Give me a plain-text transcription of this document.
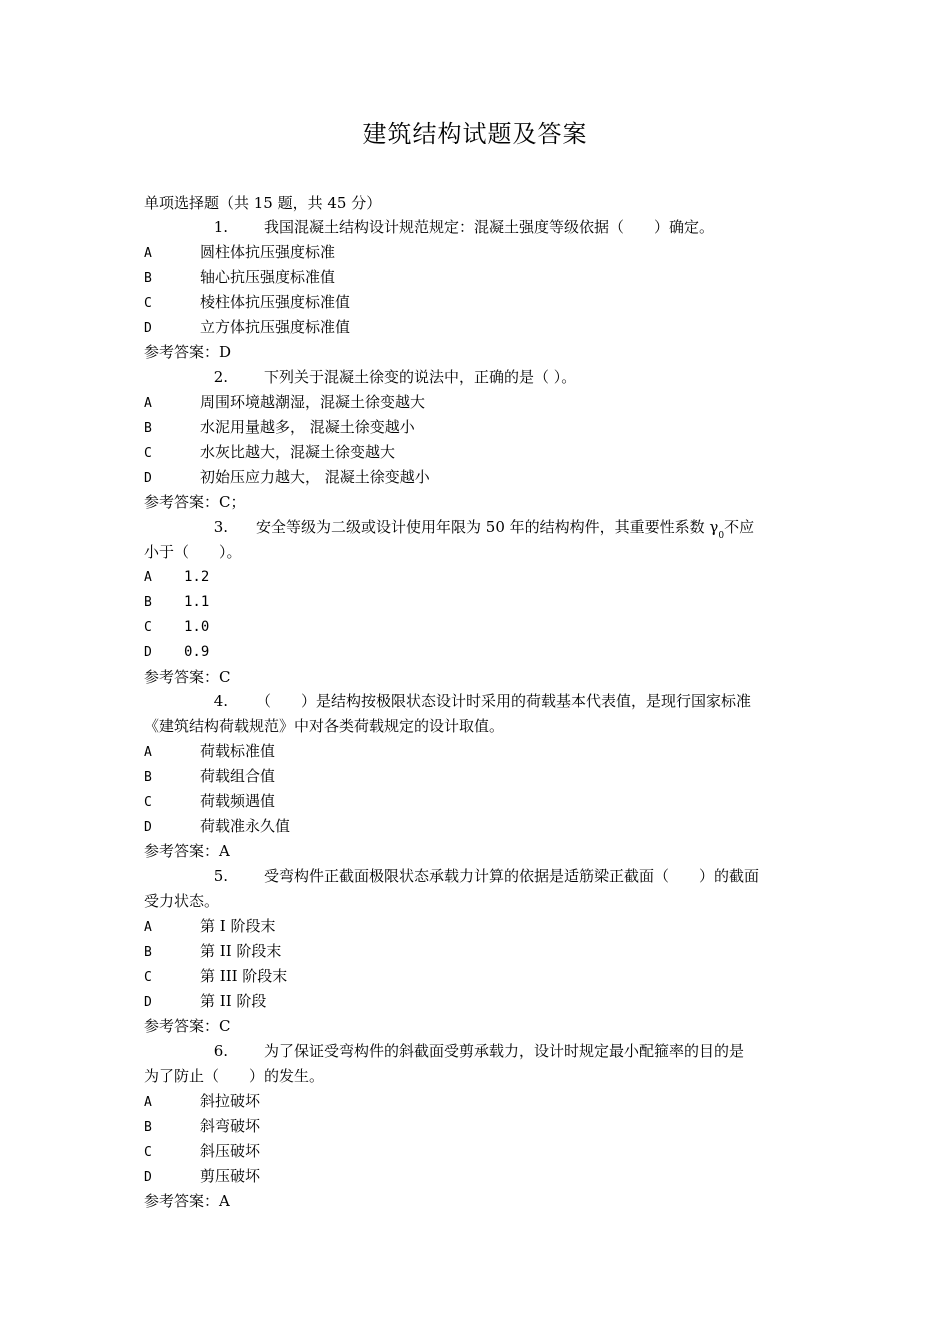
建筑结构试题及答案
单项选择题（共 15 题，共 45 分）
1. 我国混凝土结构设计规范规定：混凝土强度等级依据（　　）确定。
A	圆柱体抗压强度标准
B	轴心抗压强度标准值
C	棱柱体抗压强度标准值
D	立方体抗压强度标准值
参考答案：D
2. 下列关于混凝土徐变的说法中，正确的是（ ）。
A	周围环境越潮湿，混凝土徐变越大
B	水泥用量越多， 混凝土徐变越小
C	水灰比越大，混凝土徐变越大
D	初始压应力越大， 混凝土徐变越小
参考答案：C；
3. 安全等级为二级或设计使用年限为 50 年的结构构件，其重要性系数 $\gamma_0$不应
小于（　　）。
A 1.2
B 1.1
C 1.0
D 0.9
参考答案：C
4. （　　）是结构按极限状态设计时采用的荷载基本代表值，是现行国家标准
《建筑结构荷载规范》中对各类荷载规定的设计取值。
A	荷载标准值
B	荷载组合值
C	荷载频遇值
D	荷载准永久值
参考答案：A
5. 受弯构件正截面极限状态承载力计算的依据是适筋梁正截面（　　）的截面
受力状态。
A	第 I 阶段末
B	第 II 阶段末
C	第 III 阶段末
D	第 II 阶段
参考答案：C
6. 为了保证受弯构件的斜截面受剪承载力，设计时规定最小配箍率的目的是
为了防止（　　）的发生。
A	斜拉破坏
B	斜弯破坏
C	斜压破坏
D	剪压破坏
参考答案：A
